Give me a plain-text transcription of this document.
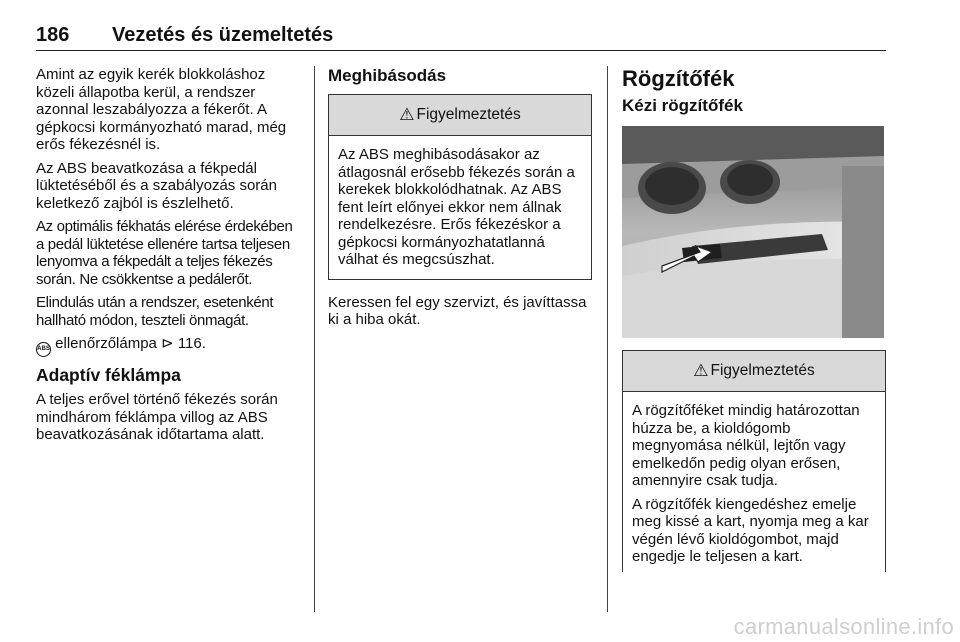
186 Vezetés és üzemeltetés

Amint az egyik kerék blokkoláshoz közeli állapotba kerül, a rendszer azonnal leszabályozza a fékerőt. A gépkocsi kormányozható marad, még erős fékezésnél is.

Az ABS beavatkozása a fékpedál lüktetéséből és a szabályozás során keletkező zajból is észlelhető.

Az optimális fékhatás elérése érdekében a pedál lüktetése ellenére tartsa teljesen lenyomva a fékpedált a teljes fékezés során. Ne csökkentse a pedálerőt.

Elindulás után a rendszer, esetenként hallható módon, teszteli önmagát.

ABS ellenőrzőlámpa ⊳ 116.

Adaptív féklámpa

A teljes erővel történő fékezés során mindhárom féklámpa villog az ABS beavatkozásának időtartama alatt.

Meghibásodás
⚠ Figyelmeztetés

Az ABS meghibásodásakor az átlagosnál erősebb fékezés során a kerekek blokkolódhatnak. Az ABS fent leírt előnyei ekkor nem állnak rendelkezésre. Erős fékezéskor a gépkocsi kormányozhatatlanná válhat és megcsúszhat.

Keressen fel egy szervizt, és javíttassa ki a hiba okát.

Rögzítőfék
Kézi rögzítőfék
⚠ Figyelmeztetés

A rögzítőféket mindig határozottan húzza be, a kioldógomb megnyomása nélkül, lejtőn vagy emelkedőn pedig olyan erősen, amennyire csak tudja.

A rögzítőfék kiengedéshez emelje meg kissé a kart, nyomja meg a kar végén lévő kioldógombot, majd engedje le teljesen a kart.

carmanualsonline.info
